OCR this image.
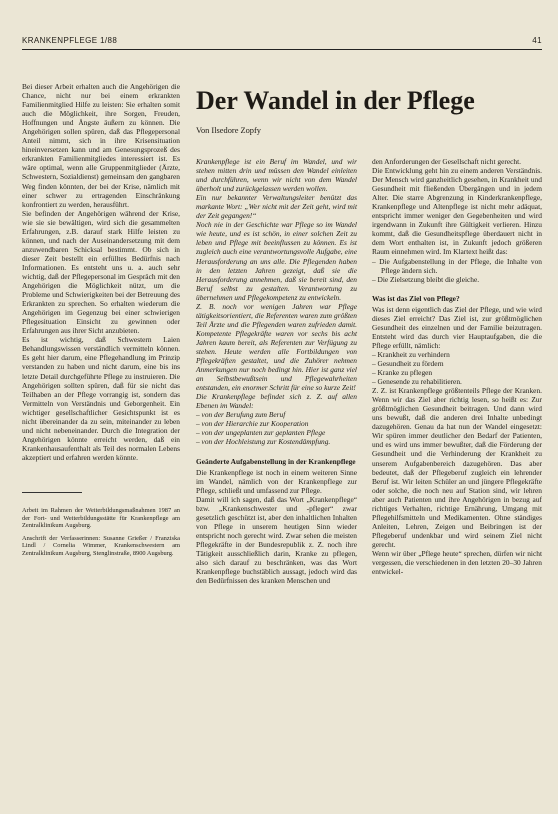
KRANKENPFLEGE 1/88	41

Bei dieser Arbeit erhalten auch die Angehörigen die Chance, nicht nur bei einem erkrankten Familienmitglied Hilfe zu leisten: Sie erhalten somit auch die Möglichkeit, ihre Sorgen, Freuden, Hoffnungen und Ängste äußern zu können. Die Angehörigen sollen spüren, daß das Pflegepersonal Anteil nimmt, sich in ihre Krisensituation hineinversetzen kann und am Genesungsprozeß des erkrankten Familienmitgliedes interessiert ist. Es wäre optimal, wenn alle Gruppenmitglieder (Ärzte, Schwestern, Sozialdienst) gemeinsam den gangbaren Weg finden könnten, der bei der Krise, nämlich mit einer schwer zu ertragenden Einschränkung konfrontiert zu werden, herausführt.

Sie befinden der Angehörigen während der Krise, wie sie sie bewältigen, wird sich die gesammelten Erfahrungen, z.B. darauf stark Hilfe leisten zu können, und nach der Auseinandersetzung mit dem anzuwendbaren Schicksal bestimmt. Ob sich in dieser Zeit bestellt ein erfülltes Bedürfnis nach Informationen. Es entsteht uns u. a. auch sehr wichtig, daß der Pflegepersonal im Gespräch mit den Angehörigen die Möglichkeit nützt, um die Probleme und Schwierigkeiten bei der Betreuung des Erkrankten zu sprechen. So erhalten wiederum die Angehörigen im Gegenzug bei einer schwierigen Pflegesituation Einsicht zu gewinnen oder Erfahrungen aus ihrer Sicht anzubieten.

Es ist wichtig, daß Schwestern Laien Behandlungswissen verständlich vermitteln können. Es geht hier darum, eine Pflegehandlung im Prinzip verstanden zu haben und nicht darum, eine bis ins letzte Detail durchgeführte Pflege zu instruieren. Die Angehörigen sollten spüren, daß für sie nicht das Teilhaben an der Pflege vorrangig ist, sondern das Vermitteln von Verständnis und Geborgenheit. Ein wichtiger gesellschaftlicher Gesichtspunkt ist es nicht übereinander da zu sein, miteinander zu leben und nicht nebeneinander. Durch die Integration der Angehörigen könnte erreicht werden, daß ein Krankenhausaufenthalt als Teil des normalen Lebens akzeptiert und erfahren werden könnte.

Arbeit im Rahmen der Weiterbildungsmaßnahmen 1987 an der Fort- und Weiterbildungsstätte für Krankenpflege am Zentralklinikum Augsburg.

Anschrift der Verfasserinnen: Susanne Grießer / Franziska Lindl / Cornelia Wimmer, Krankenschwestern am Zentralklinikum Augsburg, Stenglinstraße, 8900 Augsburg.

Der Wandel in der Pflege
Von Ilsedore Zopfy

Krankenpflege ist ein Beruf im Wandel, und wir stehen mitten drin und müssen den Wandel einleiten und durchführen, wenn wir nicht von dem Wandel überholt und zurückgelassen werden wollen.

Ein nur bekannter Verwaltungsleiter benützt das markante Wort: „Wer nicht mit der Zeit geht, wird mit der Zeit gegangen!“

Noch nie in der Geschichte war Pflege so im Wandel wie heute, und es ist schön, in einer solchen Zeit zu leben und Pflege mit beeinflussen zu können. Es ist zugleich auch eine verantwortungsvolle Aufgabe, eine Herausforderung an uns alle. Die Pflegenden haben in den letzten Jahren gezeigt, daß sie die Herausforderung annehmen, daß sie bereit sind, den Beruf selbst zu gestalten. Verantwortung zu übernehmen und Pflegekompetenz zu entwickeln.

Z. B. noch vor wenigen Jahren war Pflege tätigkeitsorientiert, die Referenten waren zum größten Teil Ärzte und die Pflegenden waren zufrieden damit. Kompetente Pflegekräfte waren vor sechs bis acht Jahren kaum bereit, als Referenten zur Verfügung zu stehen. Heute werden alle Fortbildungen von Pflegekräften gestaltet, und die Zuhörer nehmen Anmerkungen nur noch bedingt hin. Hier ist ganz viel an Selbstbewußtsein und Pflegewahrheiten entstanden, ein enormer Schritt für eine so kurze Zeit!

Die Krankenpflege befindet sich z. Z. auf allen Ebenen im Wandel:

– von der Berufung zum Beruf
– von der Hierarchie zur Kooperation
– von der ungeplanten zur geplanten Pflege
– von der Hochleistung zur Kostendämpfung.

Geänderte Aufgabenstellung in der Krankenpflege

Die Krankenpflege ist noch in einem weiteren Sinne im Wandel, nämlich von der Krankenpflege zur Pflege, schließt und umfassend zur Pflege.

Damit will ich sagen, daß das Wort „Krankenpflege“ bzw. „Krankenschwester und -pfleger“ zwar gesetzlich geschützt ist, aber den inhaltlichen Inhalten von Pflege in unserem heutigen Sinn wieder entspricht noch gerecht wird. Zwar sehen die meisten Pflegekräfte in der Bundesrepublik z. Z. noch ihre Tätigkeit ausschließlich darin, Kranke zu pflegen, also sich darauf zu beschränken, was das Wort Krankenpflege buchstäblich aussagt, jedoch wird das den Bedürfnissen des kranken Menschen und

den Anforderungen der Gesellschaft nicht gerecht.

Die Entwicklung geht hin zu einem anderen Verständnis. Der Mensch wird ganzheitlich gesehen, in Krankheit und Gesundheit mit fließenden Übergängen und in jedem Alter. Die starre Abgrenzung in Kinderkrankenpflege, Krankenpflege und Altenpflege ist nicht mehr adäquat, entspricht immer weniger den Gegebenheiten und wird irgendwann in Zukunft ihre Gültigkeit verlieren. Hinzu kommt, daß die Gesundheitspflege überdauert nicht in dem Wort enthalten ist, in Zukunft jedoch größeren Raum einnehmen wird. Im Klartext heißt das:

– Die Aufgabenstellung in der Pflege, die Inhalte von Pflege ändern sich.
– Die Zielsetzung bleibt die gleiche.

Was ist das Ziel von Pflege?

Was ist denn eigentlich das Ziel der Pflege, und wie wird dieses Ziel erreicht? Das Ziel ist, zur größtmöglichen Gesundheit des einzelnen und der Familie beizutragen. Entsteht wird das durch vier Hauptaufgaben, die die Pflege erfüllt, nämlich:

– Krankheit zu verhindern
– Gesundheit zu fördern
– Kranke zu pflegen
– Genesende zu rehabilitieren.

Z. Z. ist Krankenpflege größtenteils Pflege der Kranken. Wenn wir das Ziel aber richtig lesen, so heißt es: Zur größtmöglichen Gesundheit beitragen. Und dann wird uns bewußt, daß die anderen drei Inhalte unbedingt dazugehören. Genau da hat nun der Wandel eingesetzt: Wir spüren immer deutlicher den Bedarf der Patienten, und es wird uns immer bewußter, daß die Förderung der Gesundheit und die Verhinderung der Krankheit zu unserem Aufgabenbereich dazugehören. Das aber bedeutet, daß der Pflegeberuf zugleich ein lehrender Beruf ist. Wir leiten Schüler an und jüngere Pflegekräfte oder solche, die noch neu auf Station sind, wir lehren aber auch Patienten und ihre Angehörigen in bezug auf richtiges Verhalten, richtige Ernährung, Umgang mit Pflegehilfsmitteln und Medikamenten. Ohne ständiges Anleiten, Lehren, Zeigen und Beibringen ist der Pflegeberuf undenkbar und wird seinem Ziel nicht gerecht.

Wenn wir über „Pflege heute“ sprechen, dürfen wir nicht vergessen, die verschiedenen in den letzten 20–30 Jahren entwickel-
